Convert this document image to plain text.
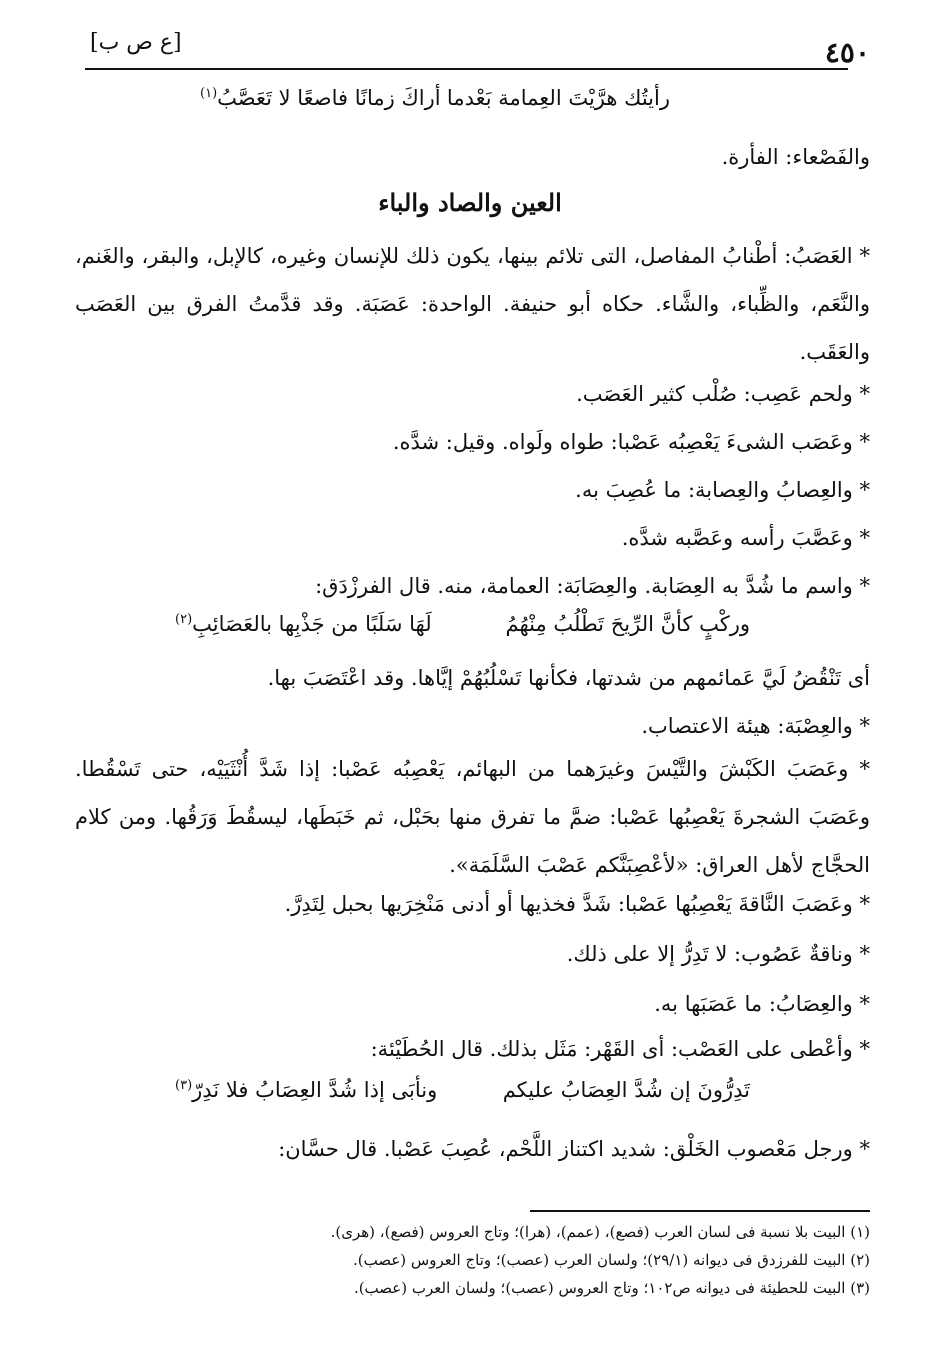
٤٥٠
[ع ص ب]
رأيتُك هرَّيْتَ العِمامة بَعْدما
أراكَ زمانًا فاصعًا لا تَعَصَّبُ$^{(١)}$
والفَصْعاء: الفأرة.
العين والصاد والباء
* العَصَبُ: أطْنابُ المفاصل، التى تلائم بينها، يكون ذلك للإنسان وغيره، كالإبل، والبقر، والغَنم، والنَّعَم، والظِّباء، والشَّاء. حكاه أبو حنيفة. الواحدة: عَصَبَة. وقد قدَّمتُ الفرق بين العَصَب والعَقَب.
* ولحم عَصِب: صُلْب كثير العَصَب.
* وعَصَب الشىءَ يَعْصِبُه عَصْبا: طواه ولَواه. وقيل: شدَّه.
* والعِصابُ والعِصابة: ما عُصِبَ به.
* وعَصَّبَ رأسه وعَصَّبه شدَّه.
* واسم ما شُدَّ به العِصَابة. والعِصَابَة: العمامة، منه. قال الفرزْدَق:
وركْبٍ كأنَّ الرِّيحَ تَطْلُبُ مِنْهُمُ
لَهَا سَلَبًا من جَذْبِها بالعَصَائِبِ$^{(٢)}$
أى تَنْقُضُ لَيَّ عَمائمهم من شدتها، فكأنها تَسْلُبُهُمْ إيَّاها. وقد اعْتَصَبَ بها.
* والعِصْبَة: هيئة الاعتصاب.
* وعَصَبَ الكَبْشَ والتَّيْسَ وغيرَهما من البهائم، يَعْصِبُه عَصْبا: إذا شَدَّ أُنْثَيَيْه، حتى تَسْقُطا. وعَصَبَ الشجرةَ يَعْصِبُها عَصْبا: ضمَّ ما تفرق منها بحَبْل، ثم خَبَطَها، ليسقُطَ وَرَقُها. ومن كلام الحجَّاج لأهل العراق: «لأعْصِبَنَّكم عَصْبَ السَّلَمَة».
* وعَصَبَ النَّاقةَ يَعْصِبُها عَصْبا: شَدَّ فخذيها أو أدنى مَنْخِرَيها بحبل لِتَدِرَّ.
* وناقةٌ عَصُوب: لا تَدِرُّ إلا على ذلك.
* والعِصَابُ: ما عَصَبَها به.
* وأعْطى على العَصْب: أى القَهْر: مَثَل بذلك. قال الحُطَيْئة:
تَدِرُّونَ إن شُدَّ العِصَابُ عليكم
ونأبَى إذا شُدَّ العِصَابُ فلا نَدِرّ$^{(٣)}$
* ورجل مَعْصوب الخَلْق: شديد اكتناز اللَّحْم، عُصِبَ عَصْبا. قال حسَّان:
(١) البيت بلا نسبة فى لسان العرب (فصع)، (عمم)، (هرا)؛ وتاج العروس (فصع)، (هرى).
(٢) البيت للفرزدق فى ديوانه (٢٩/١)؛ ولسان العرب (عصب)؛ وتاج العروس (عصب).
(٣) البيت للحطيئة فى ديوانه ص١٠٢؛ وتاج العروس (عصب)؛ ولسان العرب (عصب).
